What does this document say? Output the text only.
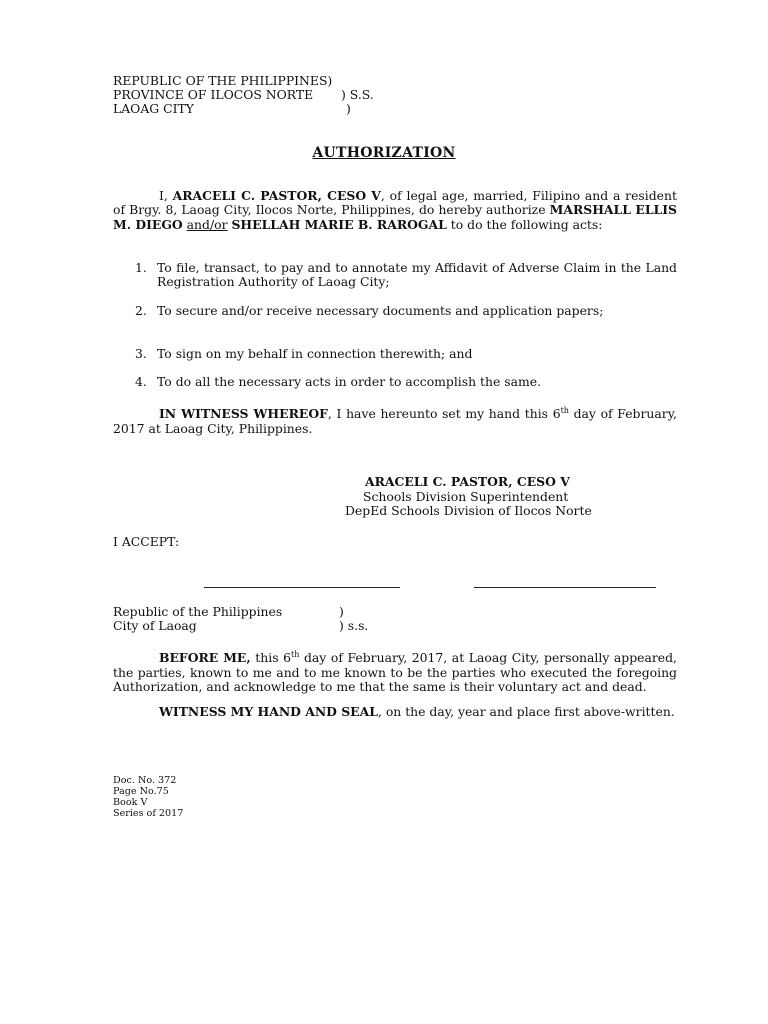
REPUBLIC OF THE PHILIPPINES)
PROVINCE OF ILOCOS NORTE ) S.S.
LAOAG CITY	)
AUTHORIZATION
I, ARACELI C. PASTOR, CESO V, of legal age, married, Filipino and a resident of Brgy. 8, Laoag City, Ilocos Norte, Philippines, do hereby authorize MARSHALL ELLIS M. DIEGO and/or SHELLAH MARIE B. RAROGAL to do the following acts:
1. To file, transact, to pay and to annotate my Affidavit of Adverse Claim in the Land Registration Authority of Laoag City;
2. To secure and/or receive necessary documents and application papers;
3. To sign on my behalf in connection therewith; and
4. To do all the necessary acts in order to accomplish the same.
IN WITNESS WHEREOF, I have hereunto set my hand this 6th day of February, 2017 at Laoag City, Philippines.
ARACELI C. PASTOR, CESO V
Schools Division Superintendent
DepEd Schools Division of Ilocos Norte
I ACCEPT:
Republic of the Philippines	)
City of Laoag	) s.s.
BEFORE ME, this 6th day of February, 2017, at Laoag City, personally appeared, the parties, known to me and to me known to be the parties who executed the foregoing Authorization, and acknowledge to me that the same is their voluntary act and dead.
WITNESS MY HAND AND SEAL, on the day, year and place first above-written.
Doc. No. 372
Page No.75
Book V
Series of 2017
